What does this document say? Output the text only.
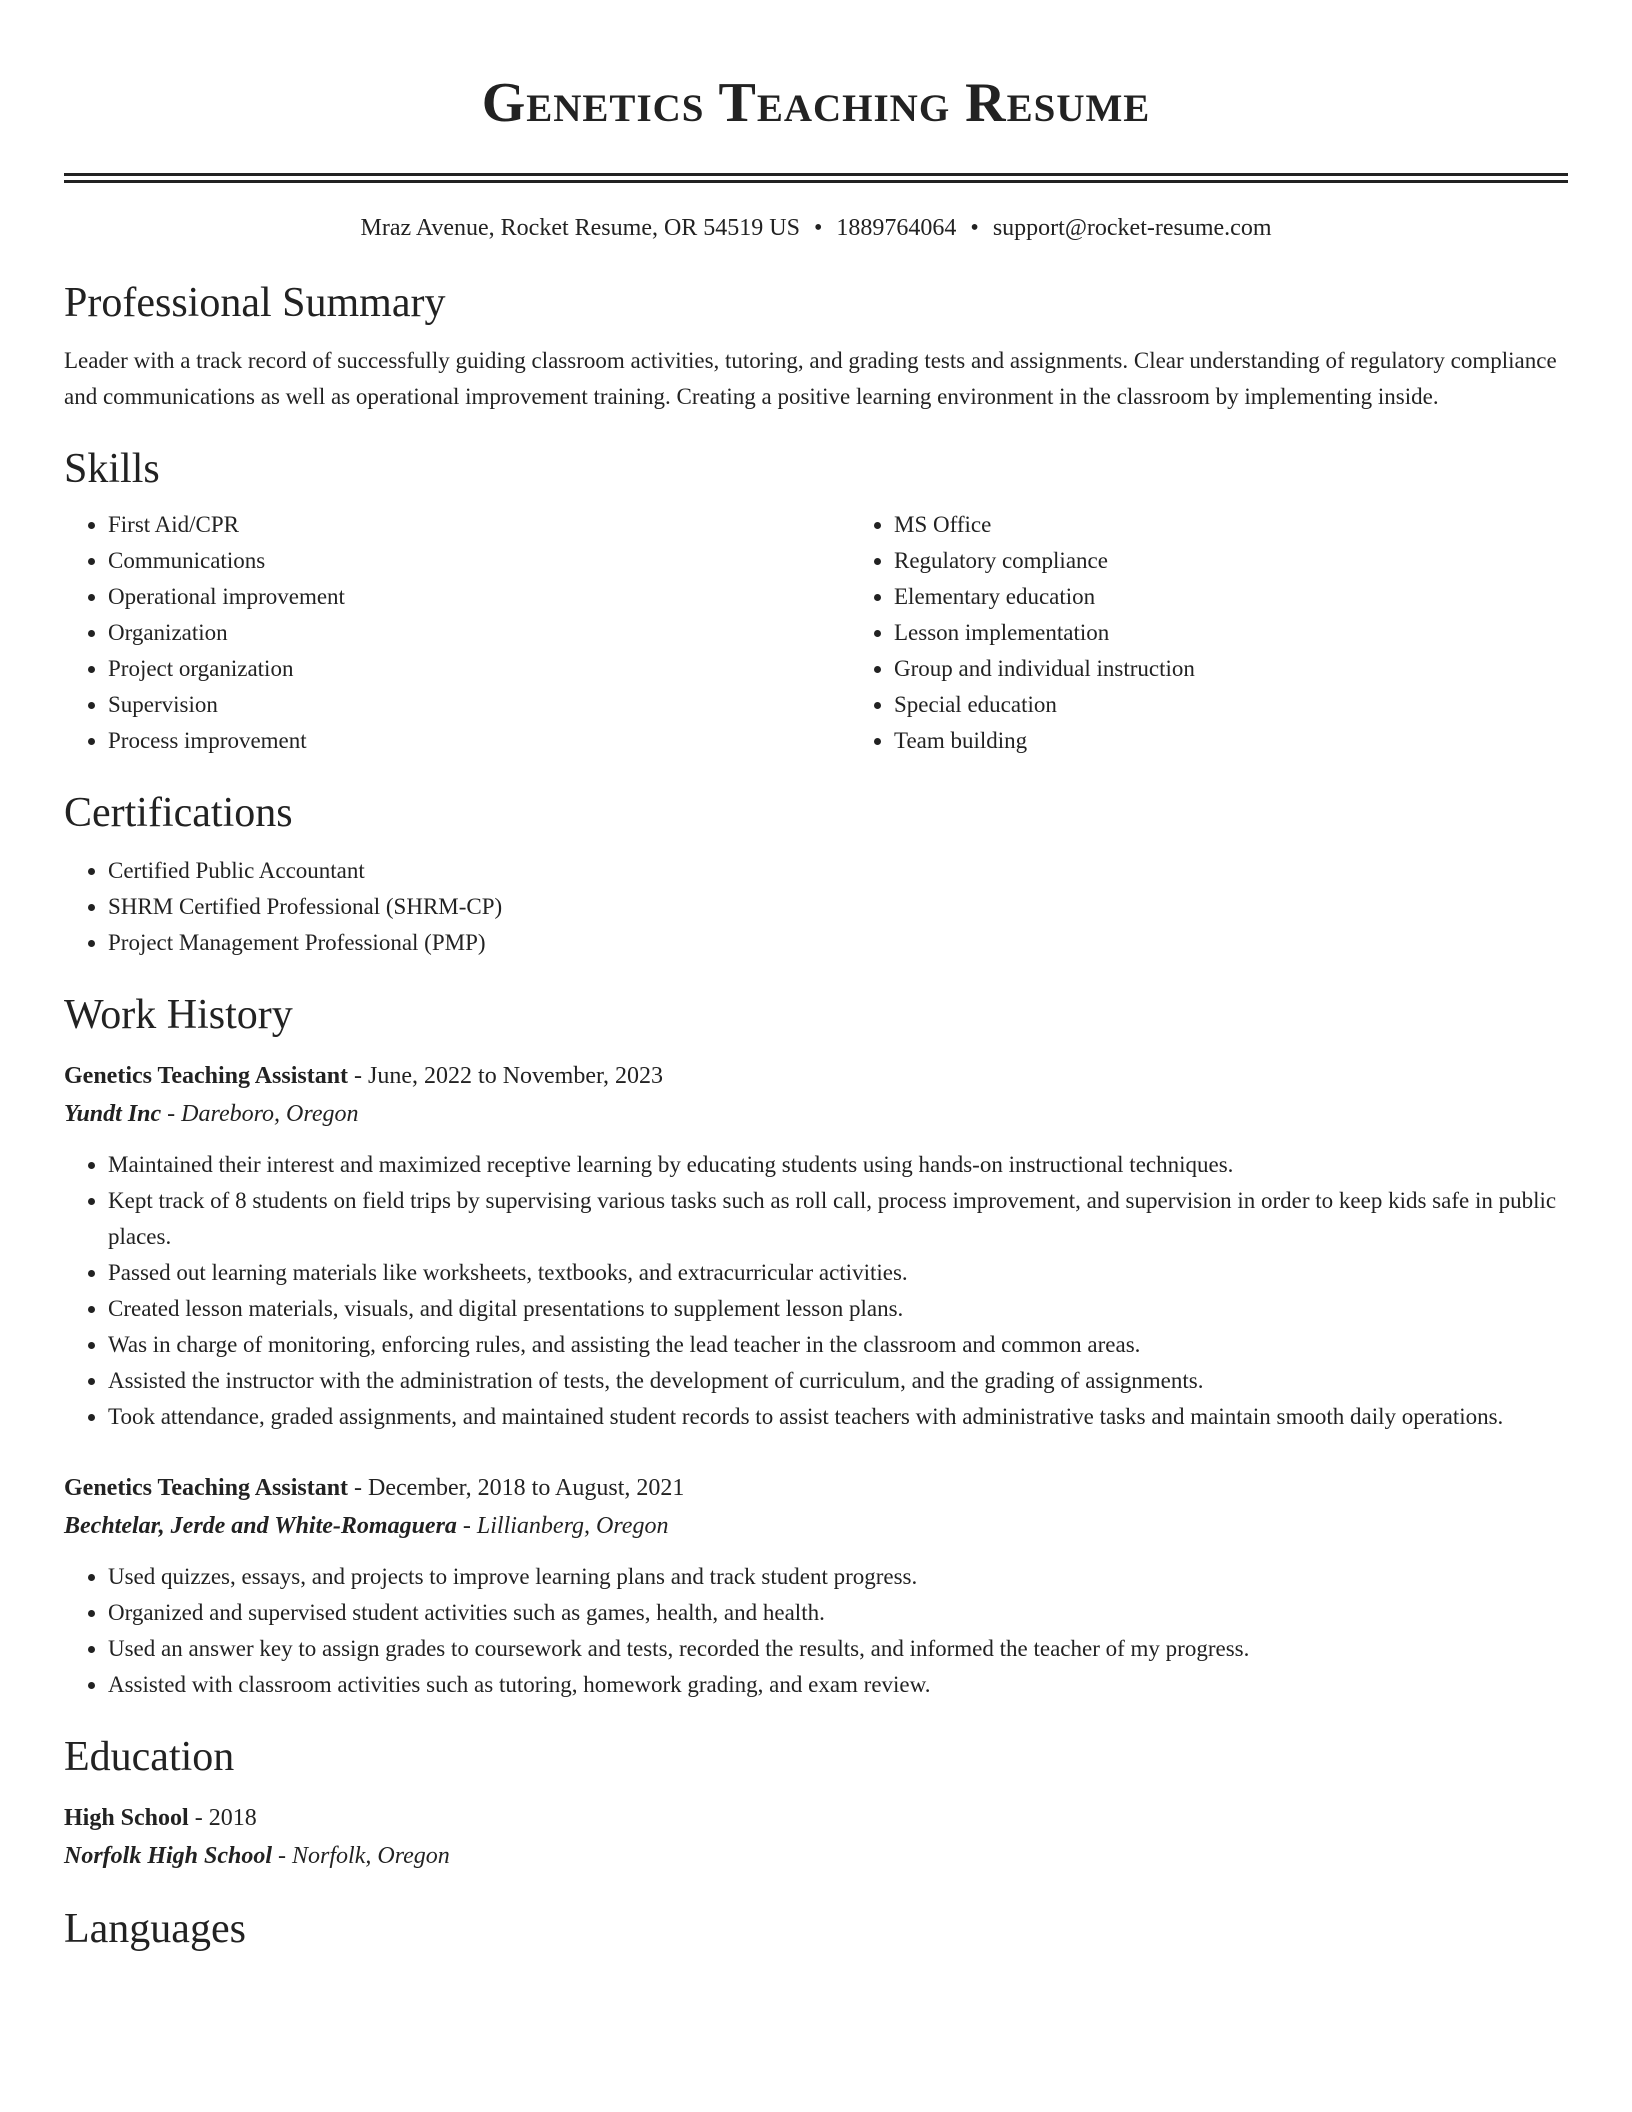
Genetics Teaching Resume
Mraz Avenue, Rocket Resume, OR 54519 US • 1889764064 • support@rocket-resume.com
Professional Summary

Leader with a track record of successfully guiding classroom activities, tutoring, and grading tests and assignments. Clear understanding of regulatory compliance and communications as well as operational improvement training. Creating a positive learning environment in the classroom by implementing inside.

Skills
• First Aid/CPR
• Communications
• Operational improvement
• Organization
• Project organization
• Supervision
• Process improvement
• MS Office
• Regulatory compliance
• Elementary education
• Lesson implementation
• Group and individual instruction
• Special education
• Team building
Certifications
• Certified Public Accountant
• SHRM Certified Professional (SHRM-CP)
• Project Management Professional (PMP)
Work History
Genetics Teaching Assistant - June, 2022 to November, 2023
Yundt Inc - Dareboro, Oregon
• Maintained their interest and maximized receptive learning by educating students using hands-on instructional techniques.
• Kept track of 8 students on field trips by supervising various tasks such as roll call, process improvement, and supervision in order to keep kids safe in public places.
• Passed out learning materials like worksheets, textbooks, and extracurricular activities.
• Created lesson materials, visuals, and digital presentations to supplement lesson plans.
• Was in charge of monitoring, enforcing rules, and assisting the lead teacher in the classroom and common areas.
• Assisted the instructor with the administration of tests, the development of curriculum, and the grading of assignments.
• Took attendance, graded assignments, and maintained student records to assist teachers with administrative tasks and maintain smooth daily operations.
Genetics Teaching Assistant - December, 2018 to August, 2021
Bechtelar, Jerde and White-Romaguera - Lillianberg, Oregon
• Used quizzes, essays, and projects to improve learning plans and track student progress.
• Organized and supervised student activities such as games, health, and health.
• Used an answer key to assign grades to coursework and tests, recorded the results, and informed the teacher of my progress.
• Assisted with classroom activities such as tutoring, homework grading, and exam review.
Education
High School - 2018
Norfolk High School - Norfolk, Oregon
Languages
